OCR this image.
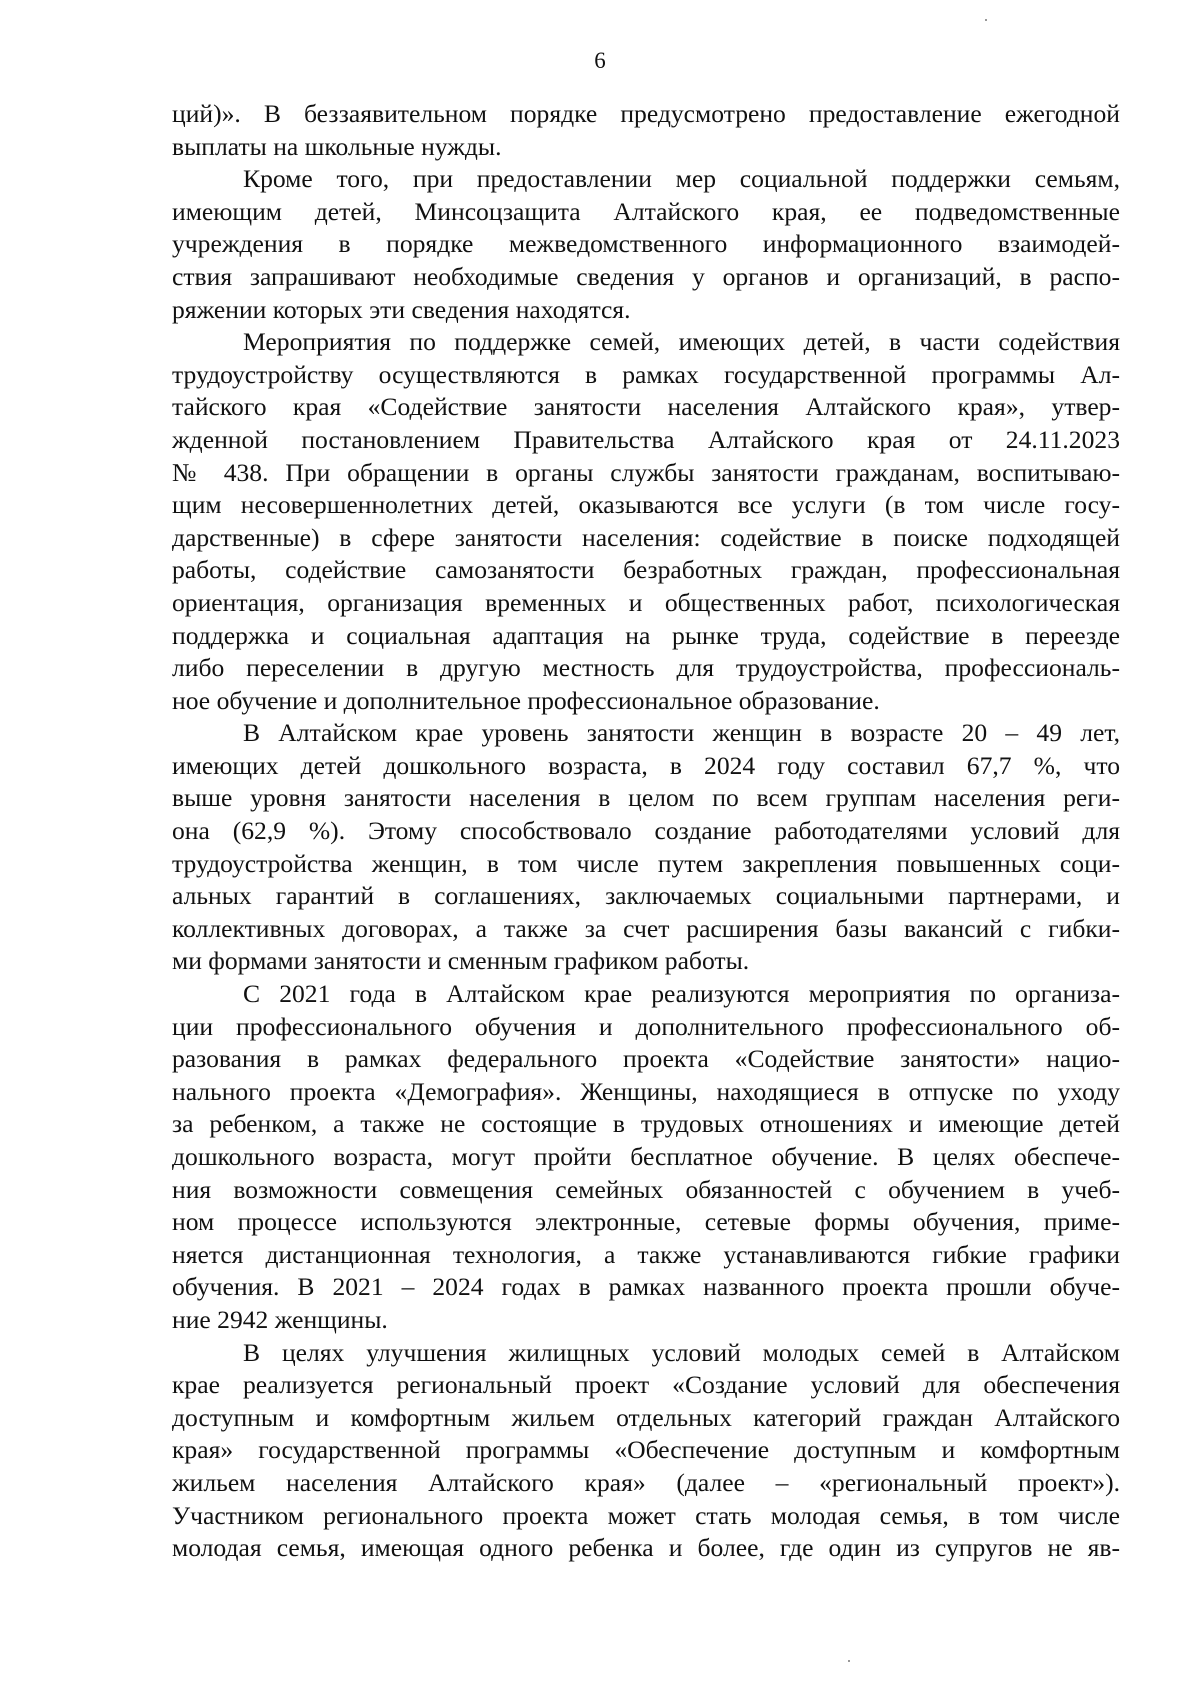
6
ций)». В беззаявительном порядке предусмотрено предоставление ежегодной
выплаты на школьные нужды.
Кроме того, при предоставлении мер социальной поддержки семьям,
имеющим детей, Минсоцзащита Алтайского края, ее подведомственные
учреждения в порядке межведомственного информационного взаимодей-
ствия запрашивают необходимые сведения у органов и организаций, в распо-
ряжении которых эти сведения находятся.
Мероприятия по поддержке семей, имеющих детей, в части содействия
трудоустройству осуществляются в рамках государственной программы Ал-
тайского края «Содействие занятости населения Алтайского края», утвер-
жденной постановлением Правительства Алтайского края от 24.11.2023
№ 438. При обращении в органы службы занятости гражданам, воспитываю-
щим несовершеннолетних детей, оказываются все услуги (в том числе госу-
дарственные) в сфере занятости населения: содействие в поиске подходящей
работы, содействие самозанятости безработных граждан, профессиональная
ориентация, организация временных и общественных работ, психологическая
поддержка и социальная адаптация на рынке труда, содействие в переезде
либо переселении в другую местность для трудоустройства, профессиональ-
ное обучение и дополнительное профессиональное образование.
В Алтайском крае уровень занятости женщин в возрасте 20 – 49 лет,
имеющих детей дошкольного возраста, в 2024 году составил 67,7 %, что
выше уровня занятости населения в целом по всем группам населения реги-
она (62,9 %). Этому способствовало создание работодателями условий для
трудоустройства женщин, в том числе путем закрепления повышенных соци-
альных гарантий в соглашениях, заключаемых социальными партнерами, и
коллективных договорах, а также за счет расширения базы вакансий с гибки-
ми формами занятости и сменным графиком работы.
С 2021 года в Алтайском крае реализуются мероприятия по организа-
ции профессионального обучения и дополнительного профессионального об-
разования в рамках федерального проекта «Содействие занятости» нацио-
нального проекта «Демография». Женщины, находящиеся в отпуске по уходу
за ребенком, а также не состоящие в трудовых отношениях и имеющие детей
дошкольного возраста, могут пройти бесплатное обучение. В целях обеспече-
ния возможности совмещения семейных обязанностей с обучением в учеб-
ном процессе используются электронные, сетевые формы обучения, приме-
няется дистанционная технология, а также устанавливаются гибкие графики
обучения. В 2021 – 2024 годах в рамках названного проекта прошли обуче-
ние 2942 женщины.
В целях улучшения жилищных условий молодых семей в Алтайском
крае реализуется региональный проект «Создание условий для обеспечения
доступным и комфортным жильем отдельных категорий граждан Алтайского
края» государственной программы «Обеспечение доступным и комфортным
жильем населения Алтайского края» (далее – «региональный проект»).
Участником регионального проекта может стать молодая семья, в том числе
молодая семья, имеющая одного ребенка и более, где один из супругов не яв-
